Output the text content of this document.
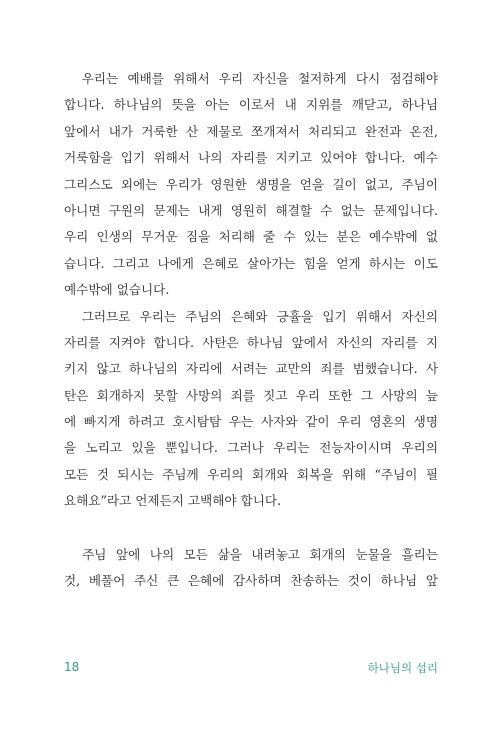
　우리는 예배를 위해서 우리 자신을 철저하게 다시 점검해야
합니다. 하나님의 뜻을 아는 이로서 내 지위를 깨닫고, 하나님
앞에서 내가 거룩한 산 제물로 쪼개져서 처리되고 완전과 온전,
거룩함을 입기 위해서 나의 자리를 지키고 있어야 합니다. 예수
그리스도 외에는 우리가 영원한 생명을 얻을 길이 없고, 주님이
아니면 구원의 문제는 내게 영원히 해결할 수 없는 문제입니다.
우리 인생의 무거운 짐을 처리해 줄 수 있는 분은 예수밖에 없
습니다. 그리고 나에게 은혜로 살아가는 힘을 얻게 하시는 이도
예수밖에 없습니다.
　그러므로 우리는 주님의 은혜와 긍휼을 입기 위해서 자신의
자리를 지켜야 합니다. 사탄은 하나님 앞에서 자신의 자리를 지
키지 않고 하나님의 자리에 서려는 교만의 죄를 범했습니다. 사
탄은 회개하지 못할 사망의 죄를 짓고 우리 또한 그 사망의 늪
에 빠지게 하려고 호시탐탐 우는 사자와 같이 우리 영혼의 생명
을 노리고 있을 뿐입니다. 그러나 우리는 전능자이시며 우리의
모든 것 되시는 주님께 우리의 회개와 회복을 위해 “주님이 필
요해요”라고 언제든지 고백해야 합니다.
　주님 앞에 나의 모든 삶을 내려놓고 회개의 눈물을 흘리는
것, 베풀어 주신 큰 은혜에 감사하며 찬송하는 것이 하나님 앞
18	하나님의 섭리
